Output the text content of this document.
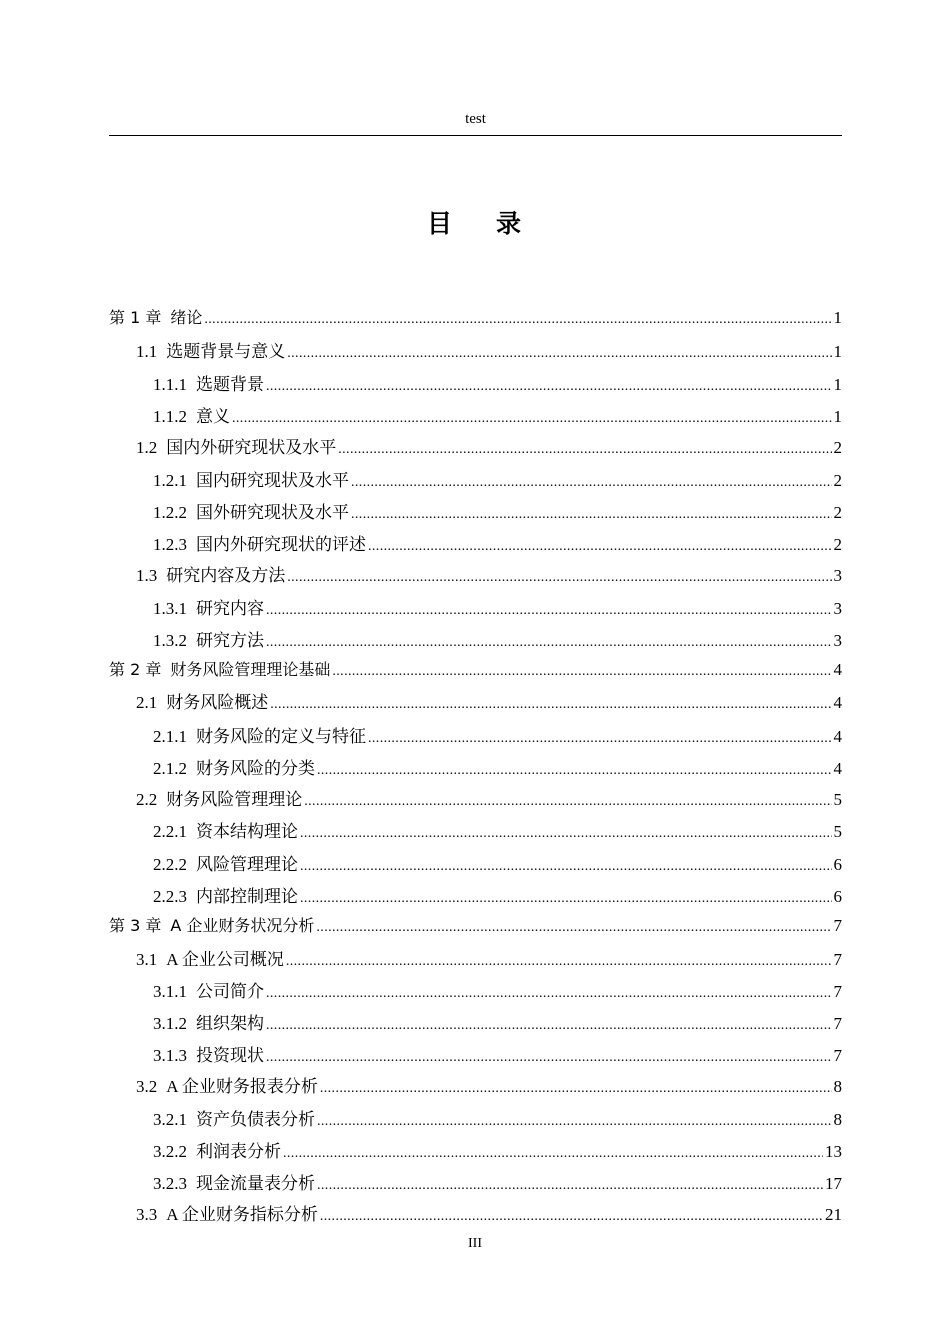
test
目 录
第 1 章 绪论 .....	1
1.1 选题背景与意义 .....	1
1.1.1 选题背景 .....	1
1.1.2 意义 .....	1
1.2 国内外研究现状及水平 .....	2
1.2.1 国内研究现状及水平 .....	2
1.2.2 国外研究现状及水平 .....	2
1.2.3 国内外研究现状的评述 .....	2
1.3 研究内容及方法 .....	3
1.3.1 研究内容 .....	3
1.3.2 研究方法 .....	3
第 2 章 财务风险管理理论基础 .....	4
2.1 财务风险概述 .....	4
2.1.1 财务风险的定义与特征 .....	4
2.1.2 财务风险的分类 .....	4
2.2 财务风险管理理论 .....	5
2.2.1 资本结构理论 .....	5
2.2.2 风险管理理论 .....	6
2.2.3 内部控制理论 .....	6
第 3 章 A 企业财务状况分析 .....	7
3.1 A 企业公司概况 .....	7
3.1.1 公司简介 .....	7
3.1.2 组织架构 .....	7
3.1.3 投资现状 .....	7
3.2 A 企业财务报表分析 .....	8
3.2.1 资产负债表分析 .....	8
3.2.2 利润表分析 .....	13
3.2.3 现金流量表分析 .....	17
3.3 A 企业财务指标分析 .....	21
III
